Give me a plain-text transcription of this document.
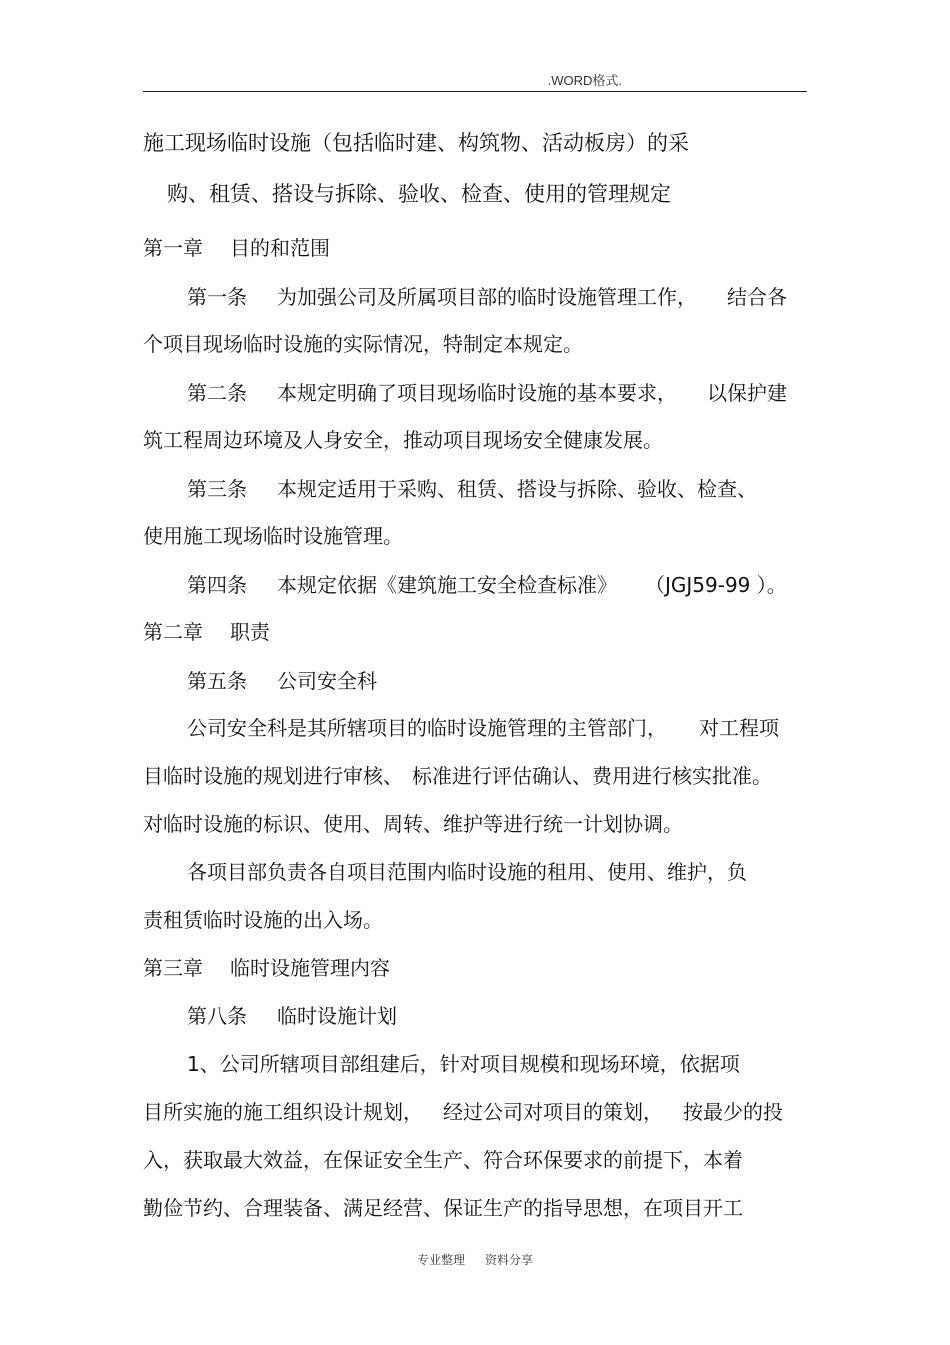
.WORD格式.
施工现场临时设施（包括临时建、构筑物、活动板房）的采
购、租赁、搭设与拆除、验收、检查、使用的管理规定
第一章 目的和范围
第一条 为加强公司及所属项目部的临时设施管理工作， 结合各
个项目现场临时设施的实际情况，特制定本规定。
第二条 本规定明确了项目现场临时设施的基本要求， 以保护建
筑工程周边环境及人身安全，推动项目现场安全健康发展。
第三条 本规定适用于采购、租赁、搭设与拆除、验收、检查、
使用施工现场临时设施管理。
第四条 本规定依据《建筑施工安全检查标准》 （JGJ59-99 ）。
第二章 职责
第五条 公司安全科
公司安全科是其所辖项目的临时设施管理的主管部门， 对工程项
目临时设施的规划进行审核、 标准进行评估确认、费用进行核实批准。
对临时设施的标识、使用、周转、维护等进行统一计划协调。
各项目部负责各自项目范围内临时设施的租用、使用、维护，负
责租赁临时设施的出入场。
第三章 临时设施管理内容
第八条 临时设施计划
1、公司所辖项目部组建后，针对项目规模和现场环境，依据项
目所实施的施工组织设计规划， 经过公司对项目的策划， 按最少的投
入，获取最大效益，在保证安全生产、符合环保要求的前提下，本着
勤俭节约、合理装备、满足经营、保证生产的指导思想，在项目开工
专业整理 资料分享
